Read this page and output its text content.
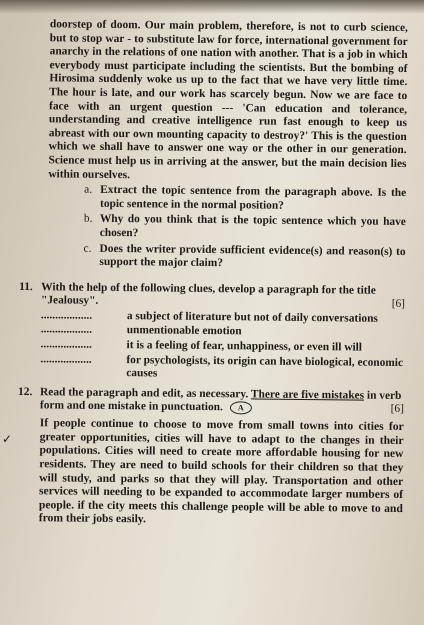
✓

doorstep of doom. Our main problem, therefore, is not to curb science, but to stop war - to substitute law for force, international government for anarchy in the relations of one nation with another. That is a job in which everybody must participate including the scientists. But the bombing of Hirosima suddenly woke us up to the fact that we have very little time. The hour is late, and our work has scarcely begun. Now we are face to face with an urgent question --- 'Can education and tolerance, understanding and creative intelligence run fast enough to keep us abreast with our own mounting capacity to destroy?' This is the question which we shall have to answer one way or the other in our generation. Science must help us in arriving at the answer, but the main decision lies within ourselves.

a. Extract the topic sentence from the paragraph above. Is the topic sentence in the normal position?
b. Why do you think that is the topic sentence which you have chosen?
c. Does the writer provide sufficient evidence(s) and reason(s) to support the major claim?
11. With the help of the following clues, develop a paragraph for the title "Jealousy".	[6]
..................	a subject of literature but not of daily conversations
..................	unmentionable emotion
..................	it is a feeling of fear, unhappiness, or even ill will
..................	for psychologists, its origin can have biological, economic causes
12. Read the paragraph and edit, as necessary. There are five mistakes in verb form and one mistake in punctuation. A	[6]

If people continue to choose to move from small towns into cities for greater opportunities, cities will have to adapt to the changes in their populations. Cities will need to create more affordable housing for new residents. They are need to build schools for their children so that they will study, and parks so that they will play. Transportation and other services will needing to be expanded to accommodate larger numbers of people. if the city meets this challenge people will be able to move to and from their jobs easily.
